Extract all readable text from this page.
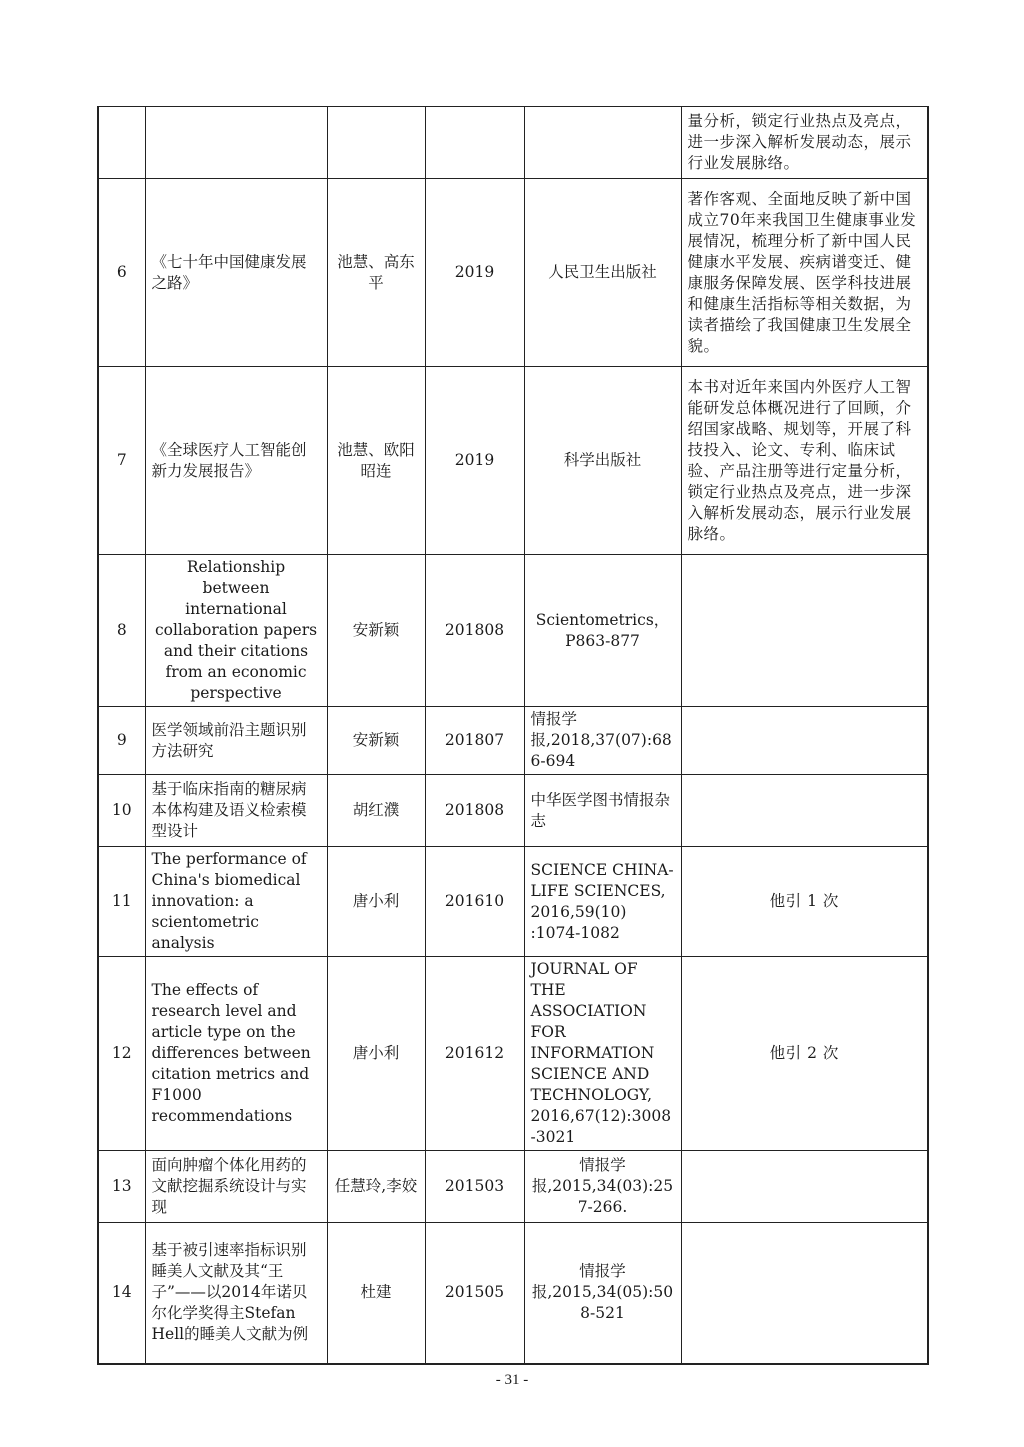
					量分析，锁定行业热点及亮点，进一步深入解析发展动态，展示行业发展脉络。
6	《七十年中国健康发展之路》	池慧、高东平	2019	人民卫生出版社	著作客观、全面地反映了新中国成立70年来我国卫生健康事业发展情况，梳理分析了新中国人民健康水平发展、疾病谱变迁、健康服务保障发展、医学科技进展和健康生活指标等相关数据，为读者描绘了我国健康卫生发展全貌。
7	《全球医疗人工智能创新力发展报告》	池慧、欧阳昭连	2019	科学出版社	本书对近年来国内外医疗人工智能研发总体概况进行了回顾，介绍国家战略、规划等，开展了科技投入、论文、专利、临床试验、产品注册等进行定量分析，锁定行业热点及亮点，进一步深入解析发展动态，展示行业发展脉络。
8	Relationship between international collaboration papers and their citations from an economic perspective	安新颖	201808	Scientometrics，P863-877	
9	医学领域前沿主题识别方法研究	安新颖	201807	情报学报,2018,37(07):686-694	
10	基于临床指南的糖尿病本体构建及语义检索模型设计	胡红濮	201808	中华医学图书情报杂志	
11	The performance of China's biomedical innovation: a scientometric analysis	唐小利	201610	SCIENCE CHINA-LIFE SCIENCES, 2016,59(10) :1074-1082	他引 1 次
12	The effects of research level and article type on the differences between citation metrics and F1000 recommendations	唐小利	201612	JOURNAL OF THE ASSOCIATION FOR INFORMATION SCIENCE AND TECHNOLOGY, 2016,67(12):3008-3021	他引 2 次
13	面向肿瘤个体化用药的文献挖掘系统设计与实现	任慧玲,李姣	201503	情报学报,2015,34(03):257-266.	
14	基于被引速率指标识别睡美人文献及其“王子”——以2014年诺贝尔化学奖得主Stefan Hell的睡美人文献为例	杜建	201505	情报学报,2015,34(05):508-521	
- 31 -
